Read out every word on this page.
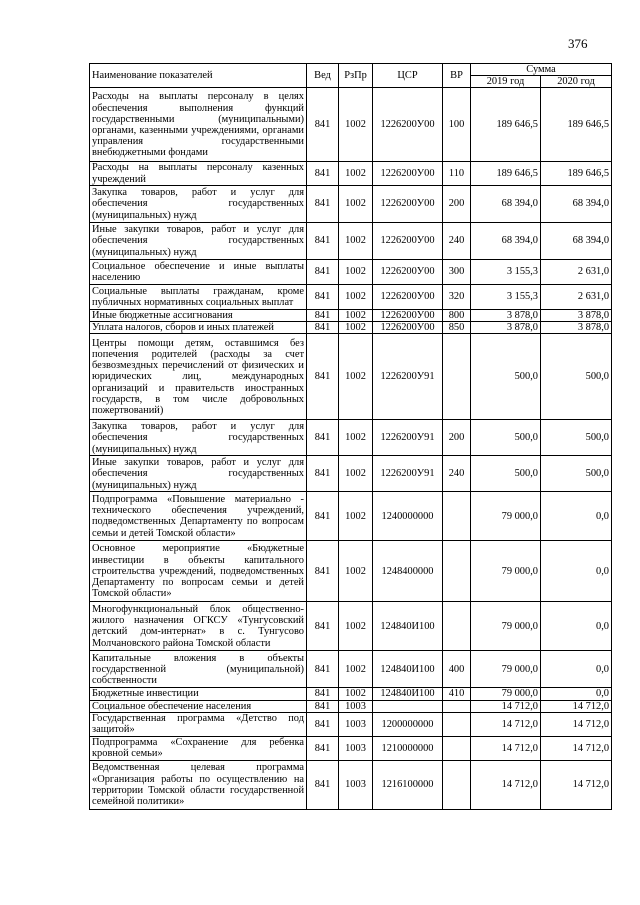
376
Наименование показателей	Вед	РзПр	ЦСР	ВР	Сумма	
					2019 год	2020 год
Расходы на выплаты персоналу в целях обеспечения выполнения функций государственными (муниципальными) органами, казенными учреждениями, органами управления государственными внебюджетными фондами	841	1002	1226200У00	100	189 646,5	189 646,5
Расходы на выплаты персоналу казенных учреждений	841	1002	1226200У00	110	189 646,5	189 646,5
Закупка товаров, работ и услуг для обеспечения государственных (муниципальных) нужд	841	1002	1226200У00	200	68 394,0	68 394,0
Иные закупки товаров, работ и услуг для обеспечения государственных (муниципальных) нужд	841	1002	1226200У00	240	68 394,0	68 394,0
Социальное обеспечение и иные выплаты населению	841	1002	1226200У00	300	3 155,3	2 631,0
Социальные выплаты гражданам, кроме публичных нормативных социальных выплат	841	1002	1226200У00	320	3 155,3	2 631,0
Иные бюджетные ассигнования	841	1002	1226200У00	800	3 878,0	3 878,0
Уплата налогов, сборов и иных платежей	841	1002	1226200У00	850	3 878,0	3 878,0
Центры помощи детям, оставшимся без попечения родителей (расходы за счет безвозмездных перечислений от физических и юридических лиц, международных организаций и правительств иностранных государств, в том числе добровольных пожертвований)	841	1002	1226200У91		500,0	500,0
Закупка товаров, работ и услуг для обеспечения государственных (муниципальных) нужд	841	1002	1226200У91	200	500,0	500,0
Иные закупки товаров, работ и услуг для обеспечения государственных (муниципальных) нужд	841	1002	1226200У91	240	500,0	500,0
Подпрограмма «Повышение материально - технического обеспечения учреждений, подведомственных Департаменту по вопросам семьи и детей Томской области»	841	1002	1240000000		79 000,0	0,0
Основное мероприятие «Бюджетные инвестиции в объекты капитального строительства учреждений, подведомственных Департаменту по вопросам семьи и детей Томской области»	841	1002	1248400000		79 000,0	0,0
Многофункциональный блок общественно-жилого назначения ОГКСУ «Тунгусовский детский дом-интернат» в с. Тунгусово Молчановского района Томской области	841	1002	124840И100		79 000,0	0,0
Капитальные вложения в объекты государственной (муниципальной) собственности	841	1002	124840И100	400	79 000,0	0,0
Бюджетные инвестиции	841	1002	124840И100	410	79 000,0	0,0
Социальное обеспечение населения	841	1003			14 712,0	14 712,0
Государственная программа «Детство под защитой»	841	1003	1200000000		14 712,0	14 712,0
Подпрограмма «Сохранение для ребенка кровной семьи»	841	1003	1210000000		14 712,0	14 712,0
Ведомственная целевая программа «Организация работы по осуществлению на территории Томской области государственной семейной политики»	841	1003	1216100000		14 712,0	14 712,0
